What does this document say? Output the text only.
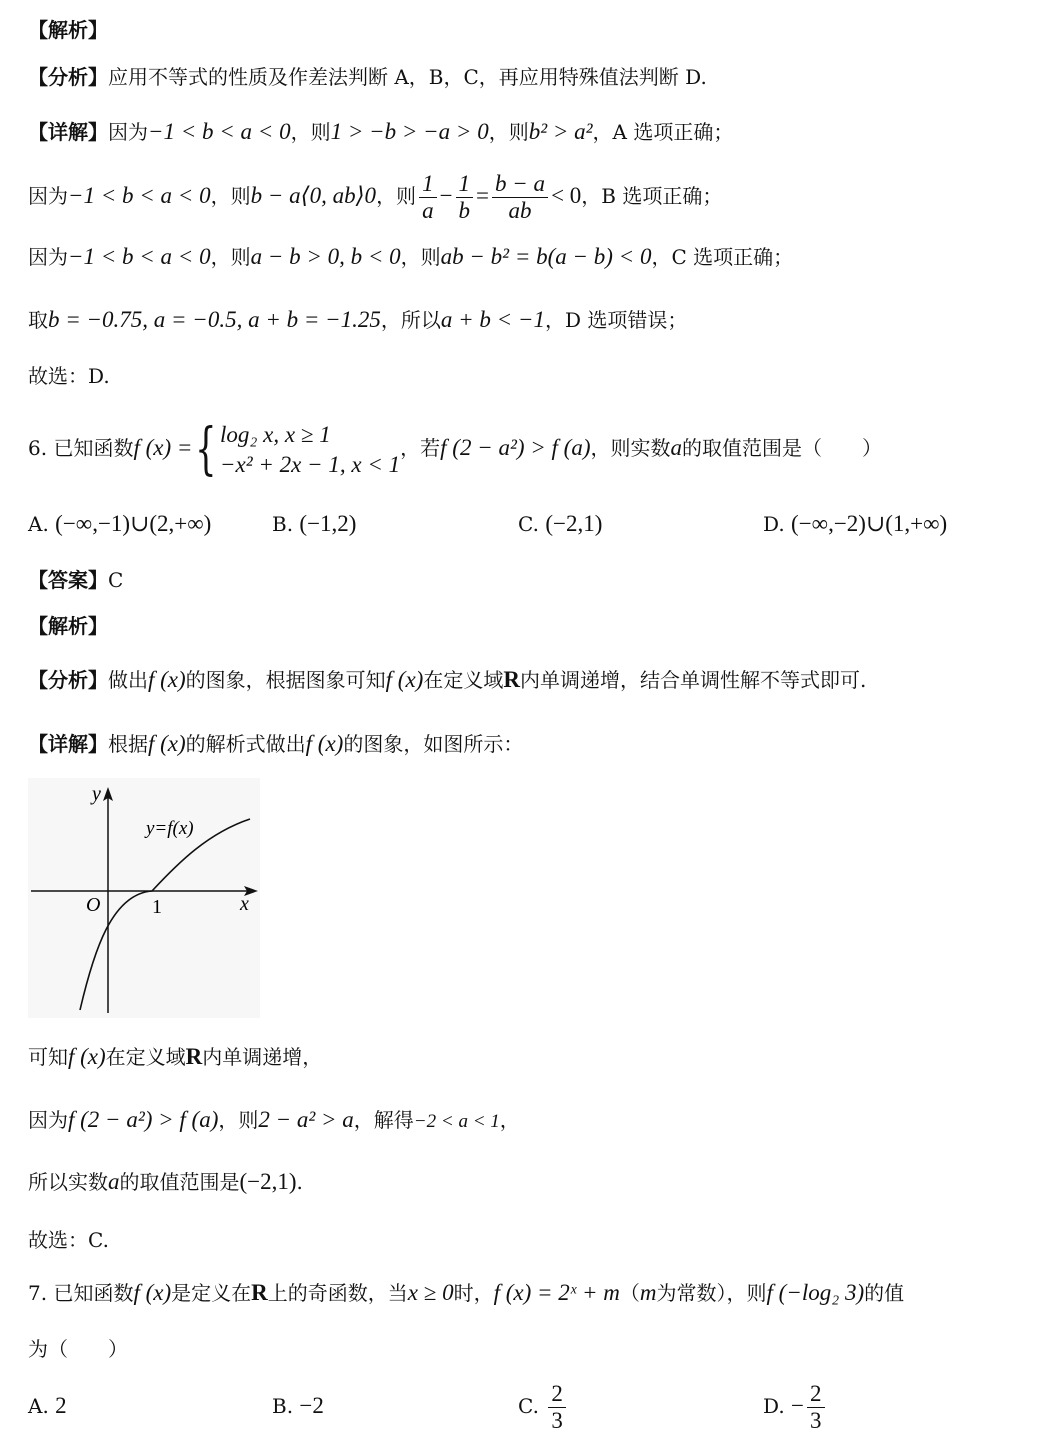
【解析】
【分析】应用不等式的性质及作差法判断 A，B，C，再应用特殊值法判断 D.
【详解】因为−1 < b < a < 0，则1 > −b > −a > 0，则b² > a²，A 选项正确；
因为−1 < b < a < 0，则b − a⟨0, ab⟩0，则 $\frac{1}{a} - \frac{1}{b} = \frac{b - a}{ab} < 0$，B 选项正确；
因为−1 < b < a < 0，则a − b > 0, b < 0，则ab − b² = b(a − b) < 0，C 选项正确；
取b = −0.75, a = −0.5, a + b = −1.25，所以a + b < −1，D 选项错误；
故选：D.
6. 已知函数f (x) ={ log₂ x, x ≥ 1
−x² + 2x − 1, x < 1
，若f (2 − a²) > f (a)，则实数a的取值范围是（　　）
A. (−∞,−1)∪(2,+∞)	B. (−1,2)	C. (−2,1)	D. (−∞,−2)∪(1,+∞)
【答案】C
【解析】
【分析】做出f (x)的图象，根据图象可知f (x)在定义域R内单调递增，结合单调性解不等式即可.
【详解】根据f (x)的解析式做出f (x)的图象，如图所示：
y
x
O	1
y=f(x)
可知f (x)在定义域R内单调递增，
因为f (2 − a²) > f (a)，则2 − a² > a，解得−2 < a < 1，
所以实数a的取值范围是(−2,1).
故选：C.
7. 已知函数f (x)是定义在R上的奇函数，当x ≥ 0时，f (x) = 2ˣ + m（m为常数），则f (−log₂ 3)的值
为（　　）
A. 2	B. −2	C. $\frac{2}{3}$	D. − $\frac{2}{3}$
